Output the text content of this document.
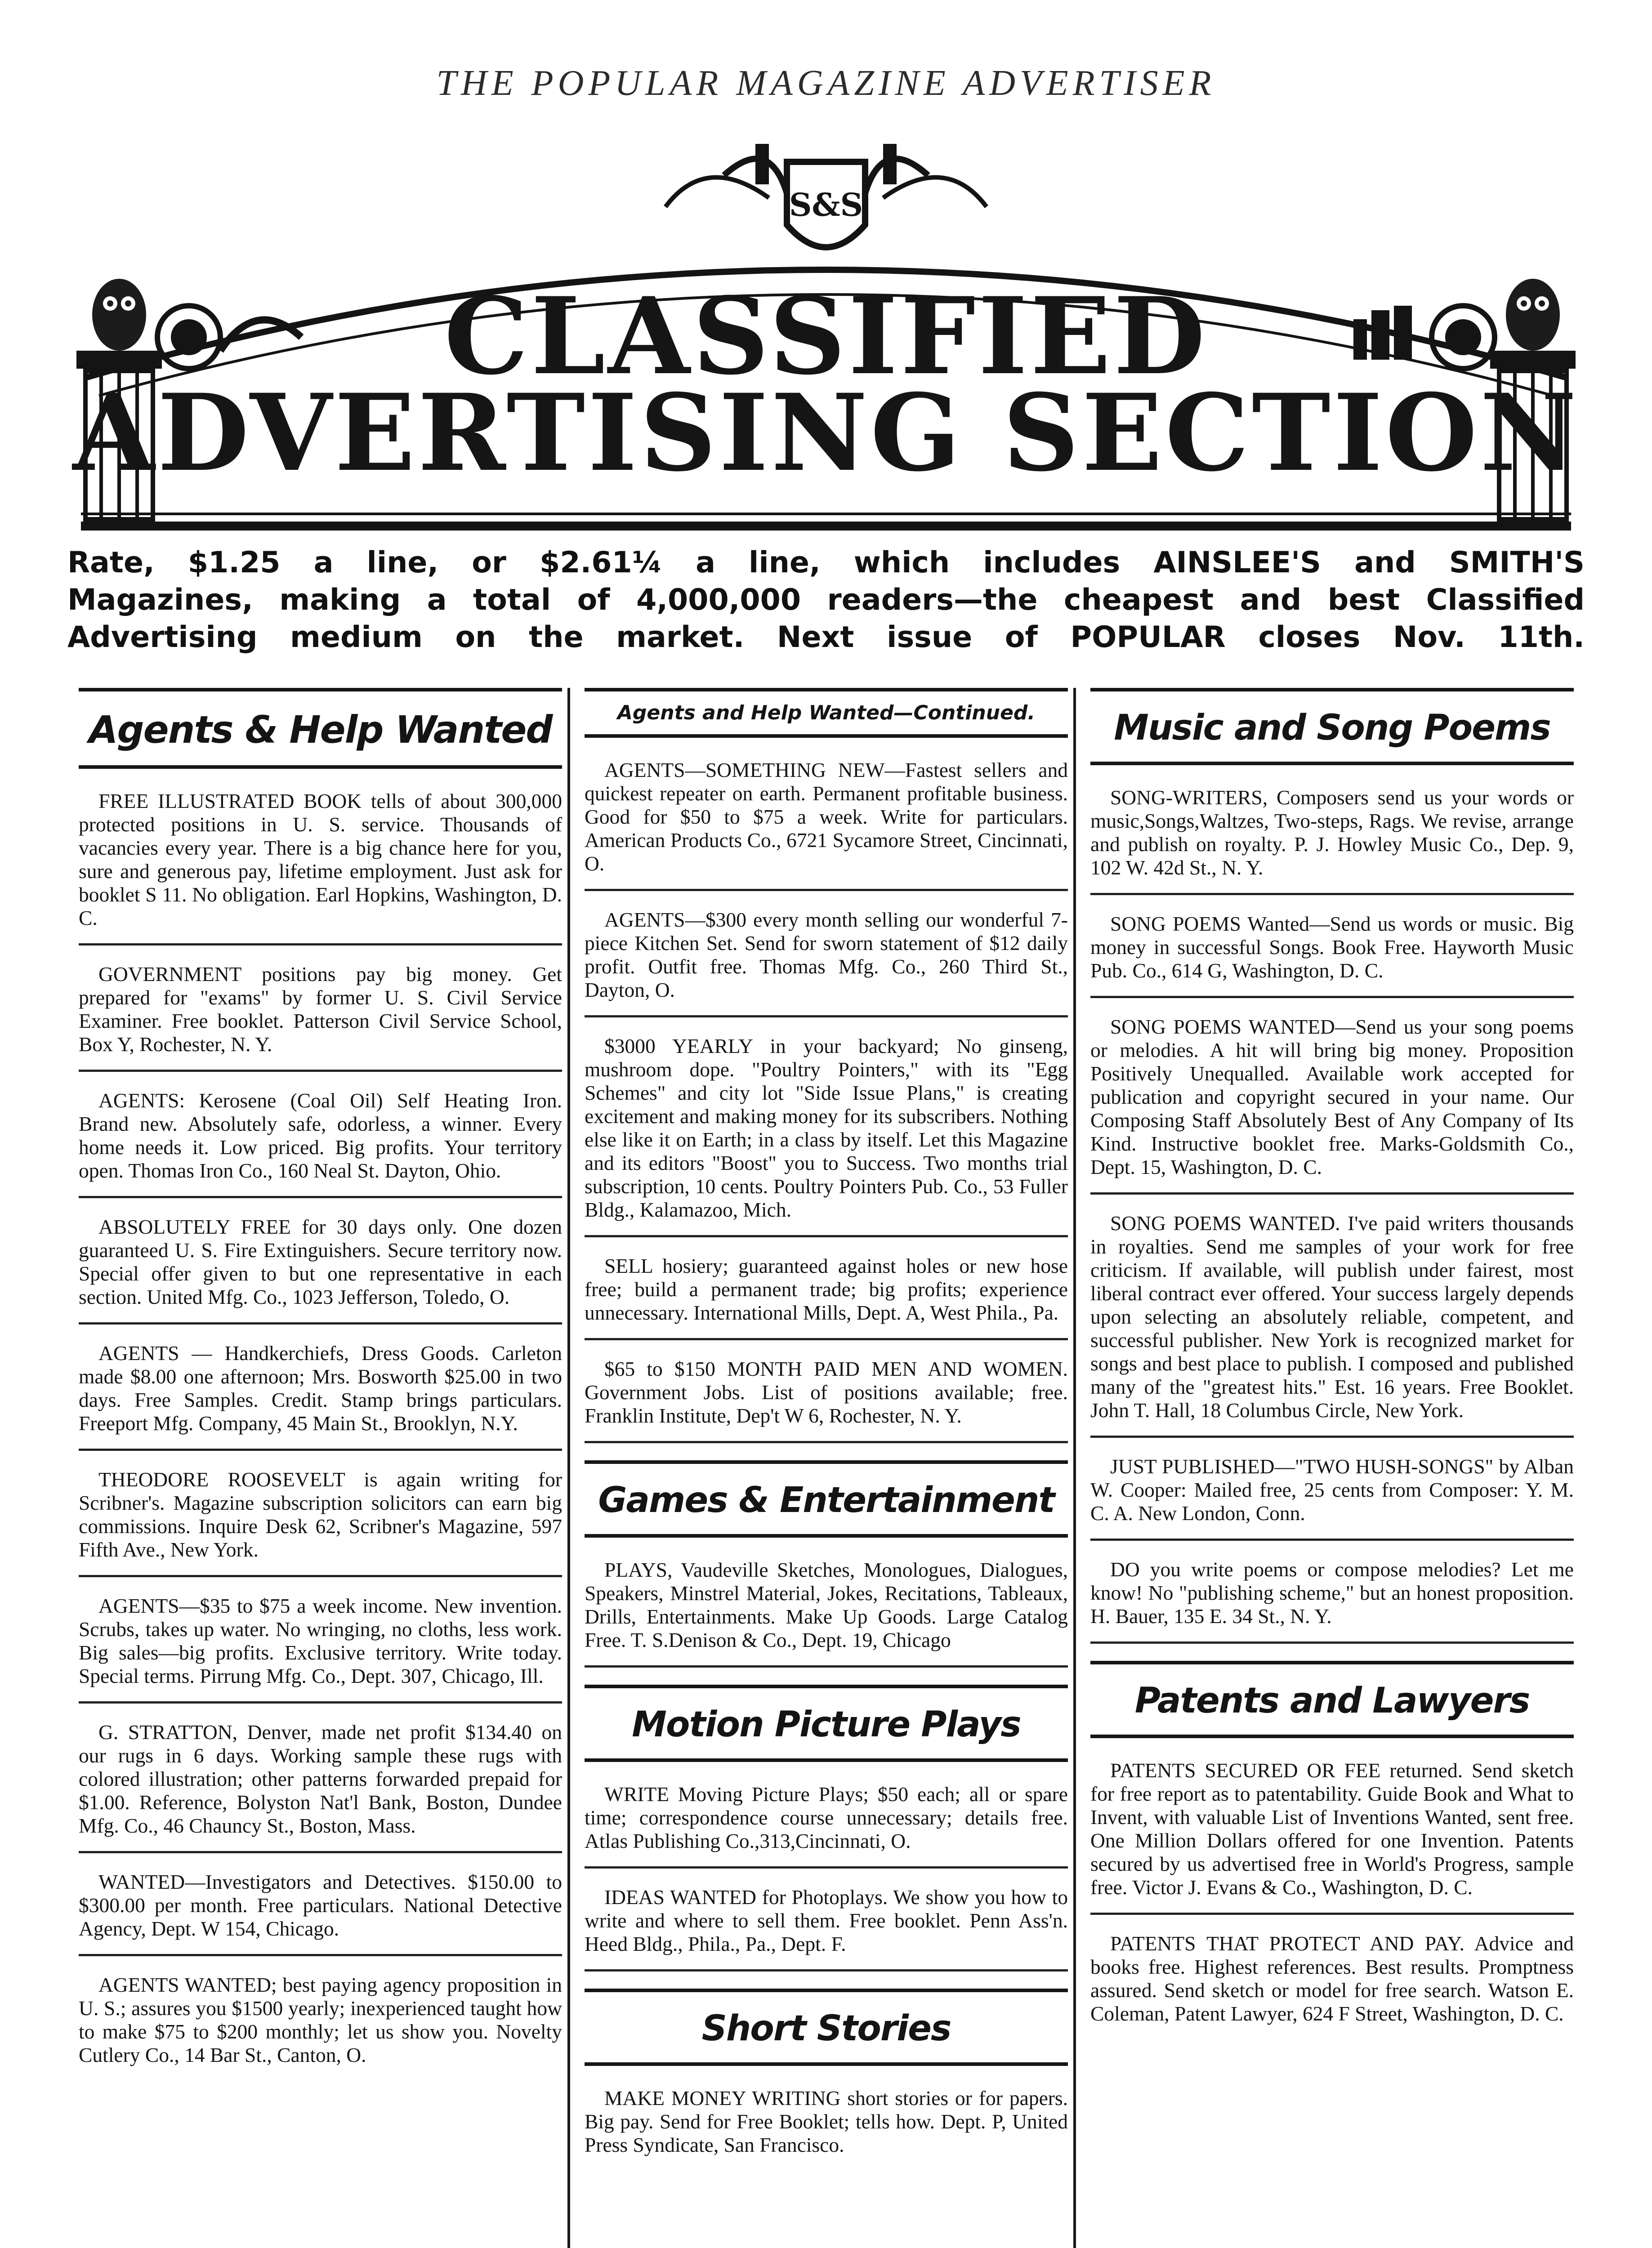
THE POPULAR MAGAZINE ADVERTISER
S&S
CLASSIFIED
ADVERTISING SECTION
Rate, $1.25 a line, or $2.61¼ a line, which includes AINSLEE'S and SMITH'S
Magazines, making a total of 4,000,000 readers—the cheapest and best Classified
Advertising medium on the market. Next issue of POPULAR closes Nov. 11th.
Agents & Help Wanted

FREE ILLUSTRATED BOOK tells of about 300,000 protected positions in U. S. service. Thousands of vacancies every year. There is a big chance here for you, sure and generous pay, lifetime employment. Just ask for booklet S 11. No obligation. Earl Hopkins, Washington, D. C.

GOVERNMENT positions pay big money. Get prepared for "exams" by former U. S. Civil Service Examiner. Free booklet. Patterson Civil Service School, Box Y, Rochester, N. Y.

AGENTS: Kerosene (Coal Oil) Self Heating Iron. Brand new. Absolutely safe, odorless, a winner. Every home needs it. Low priced. Big profits. Your territory open. Thomas Iron Co., 160 Neal St. Dayton, Ohio.

ABSOLUTELY FREE for 30 days only. One dozen guaranteed U. S. Fire Extinguishers. Secure territory now. Special offer given to but one representative in each section. United Mfg. Co., 1023 Jefferson, Toledo, O.

AGENTS — Handkerchiefs, Dress Goods. Carleton made $8.00 one afternoon; Mrs. Bosworth $25.00 in two days. Free Samples. Credit. Stamp brings particulars. Freeport Mfg. Company, 45 Main St., Brooklyn, N.Y.

THEODORE ROOSEVELT is again writing for Scribner's. Magazine subscription solicitors can earn big commissions. Inquire Desk 62, Scribner's Magazine, 597 Fifth Ave., New York.

AGENTS—$35 to $75 a week income. New invention. Scrubs, takes up water. No wringing, no cloths, less work. Big sales—big profits. Exclusive territory. Write today. Special terms. Pirrung Mfg. Co., Dept. 307, Chicago, Ill.

G. STRATTON, Denver, made net profit $134.40 on our rugs in 6 days. Working sample these rugs with colored illustration; other patterns forwarded prepaid for $1.00. Reference, Bolyston Nat'l Bank, Boston, Dundee Mfg. Co., 46 Chauncy St., Boston, Mass.

WANTED—Investigators and Detectives. $150.00 to $300.00 per month. Free particulars. National Detective Agency, Dept. W 154, Chicago.

AGENTS WANTED; best paying agency proposition in U. S.; assures you $1500 yearly; inexperienced taught how to make $75 to $200 monthly; let us show you. Novelty Cutlery Co., 14 Bar St., Canton, O.

Agents and Help Wanted—Continued.

AGENTS—SOMETHING NEW—Fastest sellers and quickest repeater on earth. Permanent profitable business. Good for $50 to $75 a week. Write for particulars. American Products Co., 6721 Sycamore Street, Cincinnati, O.

AGENTS—$300 every month selling our wonderful 7-piece Kitchen Set. Send for sworn statement of $12 daily profit. Outfit free. Thomas Mfg. Co., 260 Third St., Dayton, O.

$3000 YEARLY in your backyard; No ginseng, mushroom dope. "Poultry Pointers," with its "Egg Schemes" and city lot "Side Issue Plans," is creating excitement and making money for its subscribers. Nothing else like it on Earth; in a class by itself. Let this Magazine and its editors "Boost" you to Success. Two months trial subscription, 10 cents. Poultry Pointers Pub. Co., 53 Fuller Bldg., Kalamazoo, Mich.

SELL hosiery; guaranteed against holes or new hose free; build a permanent trade; big profits; experience unnecessary. International Mills, Dept. A, West Phila., Pa.

$65 to $150 MONTH PAID MEN AND WOMEN. Government Jobs. List of positions available; free. Franklin Institute, Dep't W 6, Rochester, N. Y.

Games & Entertainment

PLAYS, Vaudeville Sketches, Monologues, Dialogues, Speakers, Minstrel Material, Jokes, Recitations, Tableaux, Drills, Entertainments. Make Up Goods. Large Catalog Free. T. S.Denison & Co., Dept. 19, Chicago

Motion Picture Plays

WRITE Moving Picture Plays; $50 each; all or spare time; correspondence course unnecessary; details free. Atlas Publishing Co.,313,Cincinnati, O.

IDEAS WANTED for Photoplays. We show you how to write and where to sell them. Free booklet. Penn Ass'n. Heed Bldg., Phila., Pa., Dept. F.

Short Stories

MAKE MONEY WRITING short stories or for papers. Big pay. Send for Free Booklet; tells how. Dept. P, United Press Syndicate, San Francisco.

Music and Song Poems

SONG-WRITERS, Composers send us your words or music,Songs,Waltzes, Two-steps, Rags. We revise, arrange and publish on royalty. P. J. Howley Music Co., Dep. 9, 102 W. 42d St., N. Y.

SONG POEMS Wanted—Send us words or music. Big money in successful Songs. Book Free. Hayworth Music Pub. Co., 614 G, Washington, D. C.

SONG POEMS WANTED—Send us your song poems or melodies. A hit will bring big money. Proposition Positively Unequalled. Available work accepted for publication and copyright secured in your name. Our Composing Staff Absolutely Best of Any Company of Its Kind. Instructive booklet free. Marks-Goldsmith Co., Dept. 15, Washington, D. C.

SONG POEMS WANTED. I've paid writers thousands in royalties. Send me samples of your work for free criticism. If available, will publish under fairest, most liberal contract ever offered. Your success largely depends upon selecting an absolutely reliable, competent, and successful publisher. New York is recognized market for songs and best place to publish. I composed and published many of the "greatest hits." Est. 16 years. Free Booklet. John T. Hall, 18 Columbus Circle, New York.

JUST PUBLISHED—"TWO HUSH-SONGS" by Alban W. Cooper: Mailed free, 25 cents from Composer: Y. M. C. A. New London, Conn.

DO you write poems or compose melodies? Let me know! No "publishing scheme," but an honest proposition. H. Bauer, 135 E. 34 St., N. Y.

Patents and Lawyers

PATENTS SECURED OR FEE returned. Send sketch for free report as to patentability. Guide Book and What to Invent, with valuable List of Inventions Wanted, sent free. One Million Dollars offered for one Invention. Patents secured by us advertised free in World's Progress, sample free. Victor J. Evans & Co., Washington, D. C.

PATENTS THAT PROTECT AND PAY. Advice and books free. Highest references. Best results. Promptness assured. Send sketch or model for free search. Watson E. Coleman, Patent Lawyer, 624 F Street, Washington, D. C.
